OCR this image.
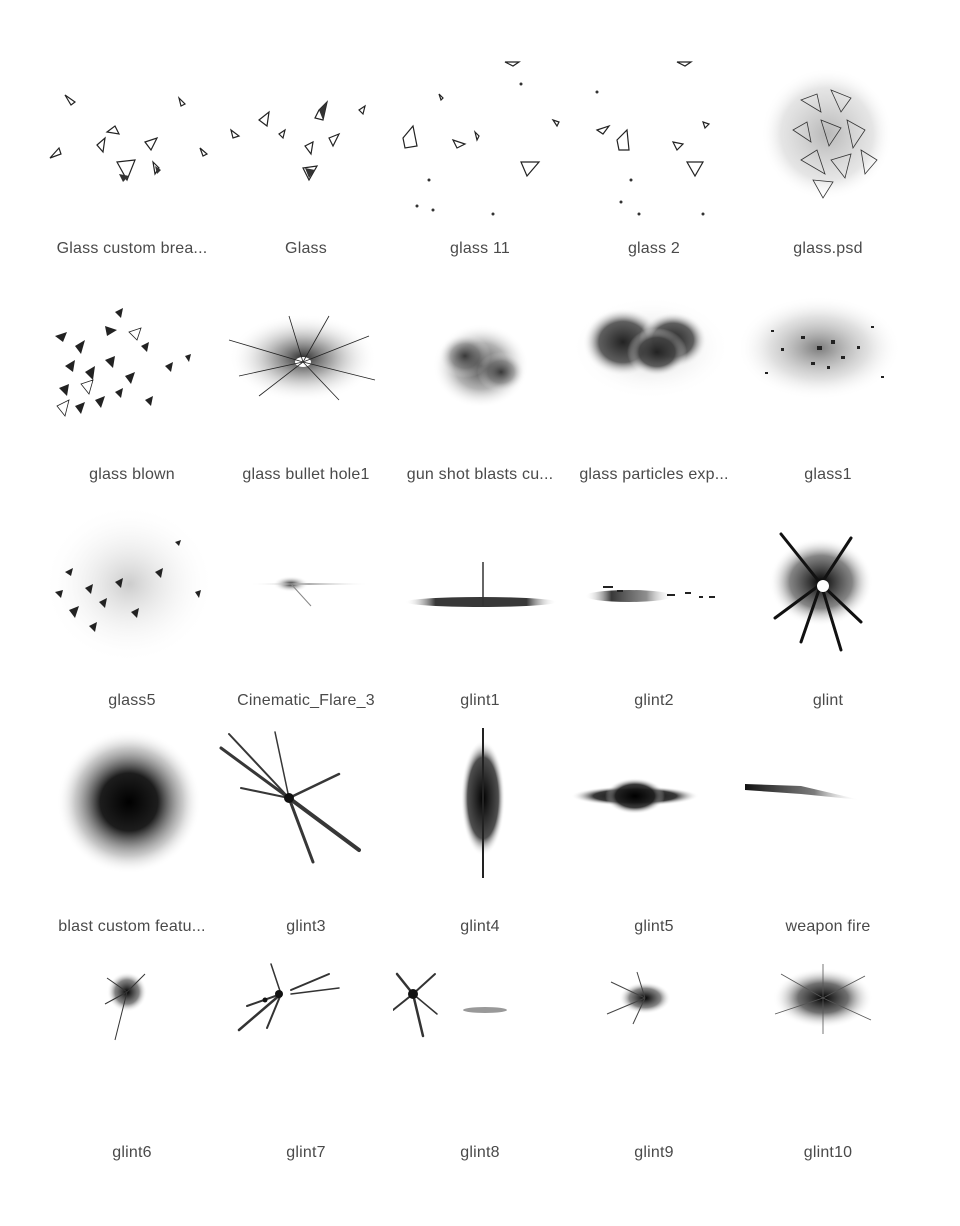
Glass custom brea...	Glass	glass 11	glass 2	glass.psd
glass blown	glass bullet hole1	gun shot blasts cu...	glass particles exp...	glass1
glass5	Cinematic_Flare_3	glint1	glint2	glint
blast custom featu...	glint3	glint4	glint5	weapon fire
glint6	glint7	glint8	glint9	glint10
